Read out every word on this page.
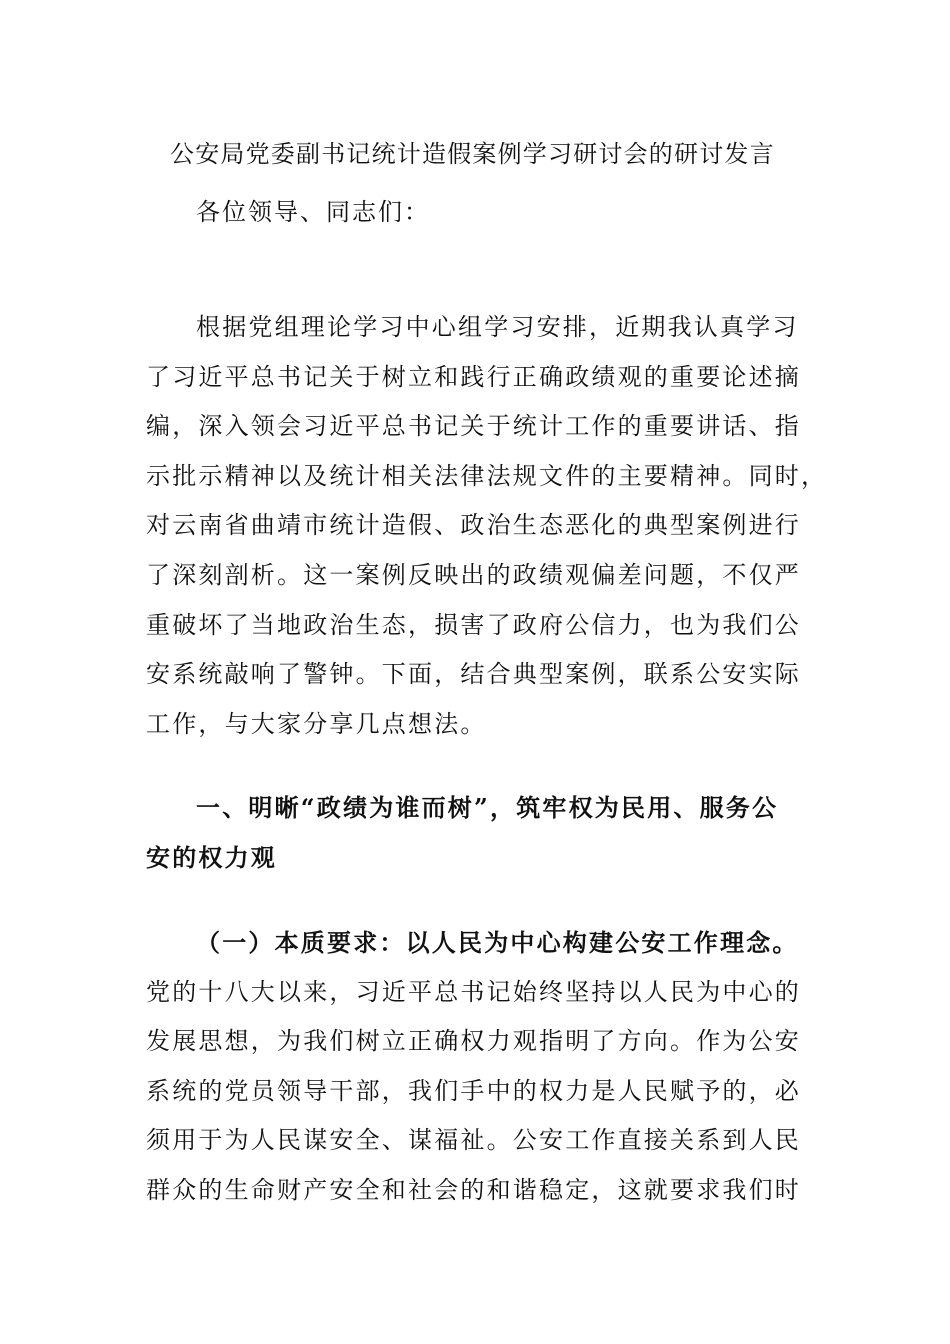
公安局党委副书记统计造假案例学习研讨会的研讨发言
各位领导、同志们：
根据党组理论学习中心组学习安排，近期我认真学习
了习近平总书记关于树立和践行正确政绩观的重要论述摘
编，深入领会习近平总书记关于统计工作的重要讲话、指
示批示精神以及统计相关法律法规文件的主要精神。同时，
对云南省曲靖市统计造假、政治生态恶化的典型案例进行
了深刻剖析。这一案例反映出的政绩观偏差问题，不仅严
重破坏了当地政治生态，损害了政府公信力，也为我们公
安系统敲响了警钟。下面，结合典型案例，联系公安实际
工作，与大家分享几点想法。
一、明晰“政绩为谁而树”，筑牢权为民用、服务公
安的权力观
（一）本质要求：以人民为中心构建公安工作理念。
党的十八大以来，习近平总书记始终坚持以人民为中心的
发展思想，为我们树立正确权力观指明了方向。作为公安
系统的党员领导干部，我们手中的权力是人民赋予的，必
须用于为人民谋安全、谋福祉。公安工作直接关系到人民
群众的生命财产安全和社会的和谐稳定，这就要求我们时
